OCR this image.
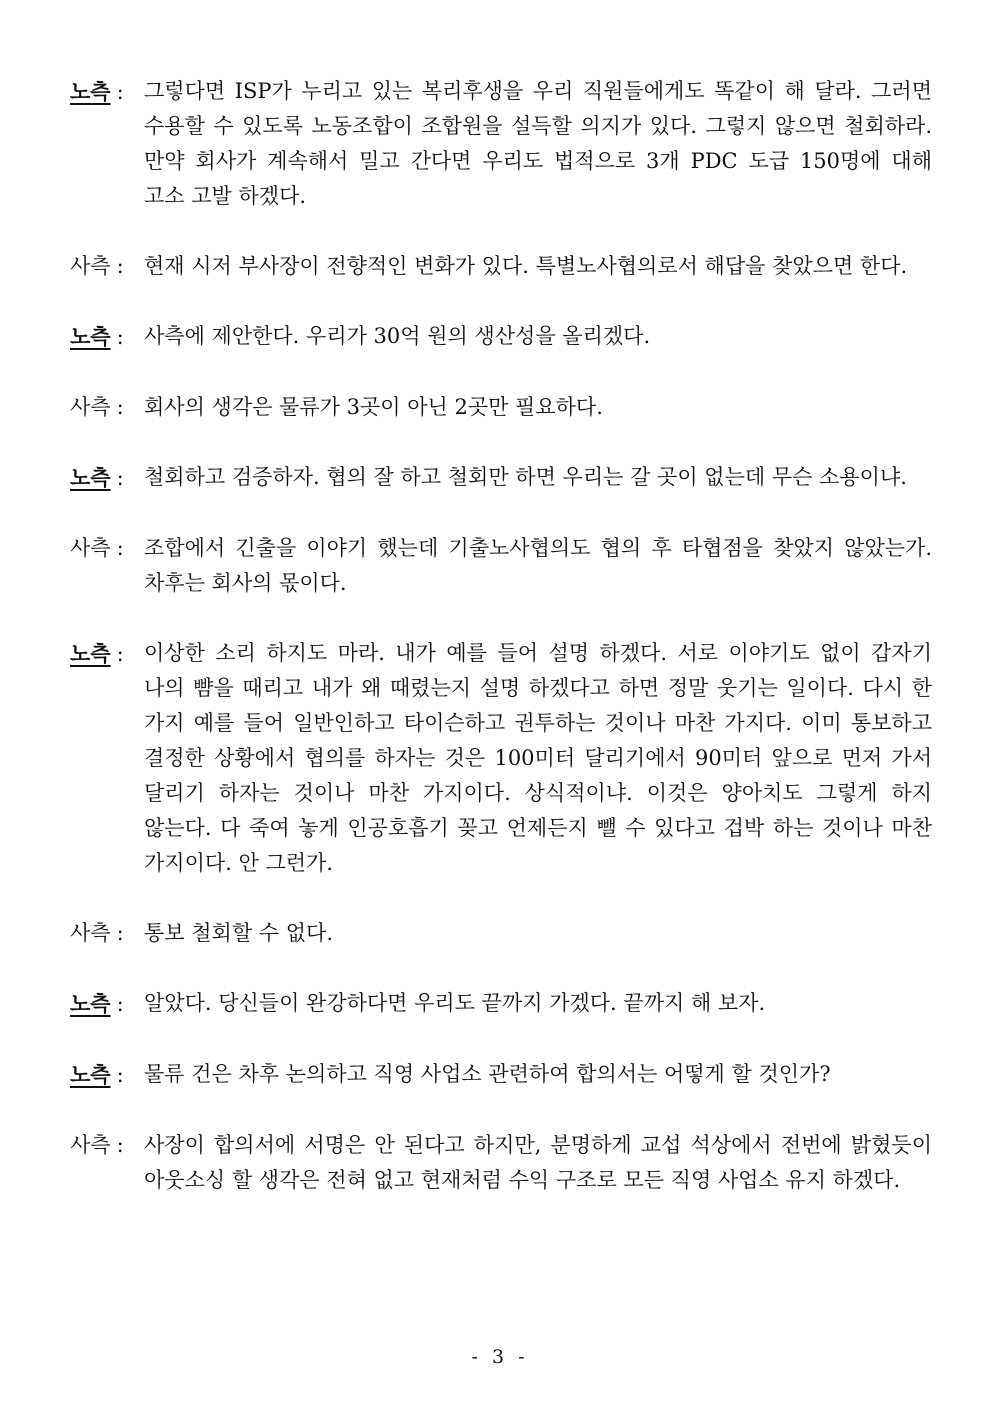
노측 : 그렇다면 ISP가 누리고 있는 복리후생을 우리 직원들에게도 똑같이 해 달라. 그러면 수용할 수 있도록 노동조합이 조합원을 설득할 의지가 있다. 그렇지 않으면 철회하라. 만약 회사가 계속해서 밀고 간다면 우리도 법적으로 3개 PDC 도급 150명에 대해 고소 고발 하겠다.
사측 : 현재 시저 부사장이 전향적인 변화가 있다. 특별노사협의로서 해답을 찾았으면 한다.
노측 : 사측에 제안한다. 우리가 30억 원의 생산성을 올리겠다.
사측 : 회사의 생각은 물류가 3곳이 아닌 2곳만 필요하다.
노측 : 철회하고 검증하자. 협의 잘 하고 철회만 하면 우리는 갈 곳이 없는데 무슨 소용이냐.
사측 : 조합에서 긴출을 이야기 했는데 기출노사협의도 협의 후 타협점을 찾았지 않았는가. 차후는 회사의 몫이다.
노측 : 이상한 소리 하지도 마라. 내가 예를 들어 설명 하겠다. 서로 이야기도 없이 갑자기 나의 뺨을 때리고 내가 왜 때렸는지 설명 하겠다고 하면 정말 웃기는 일이다. 다시 한 가지 예를 들어 일반인하고 타이슨하고 권투하는 것이나 마찬 가지다. 이미 통보하고 결정한 상황에서 협의를 하자는 것은 100미터 달리기에서 90미터 앞으로 먼저 가서 달리기 하자는 것이나 마찬 가지이다. 상식적이냐. 이것은 양아치도 그렇게 하지 않는다. 다 죽여 놓게 인공호흡기 꽂고 언제든지 뺄 수 있다고 겁박 하는 것이나 마찬 가지이다. 안 그런가.
사측 : 통보 철회할 수 없다.
노측 : 알았다. 당신들이 완강하다면 우리도 끝까지 가겠다. 끝까지 해 보자.
노측 : 물류 건은 차후 논의하고 직영 사업소 관련하여 합의서는 어떻게 할 것인가?
사측 : 사장이 합의서에 서명은 안 된다고 하지만, 분명하게 교섭 석상에서 전번에 밝혔듯이 아웃소싱 할 생각은 전혀 없고 현재처럼 수익 구조로 모든 직영 사업소 유지 하겠다.
- 3 -
